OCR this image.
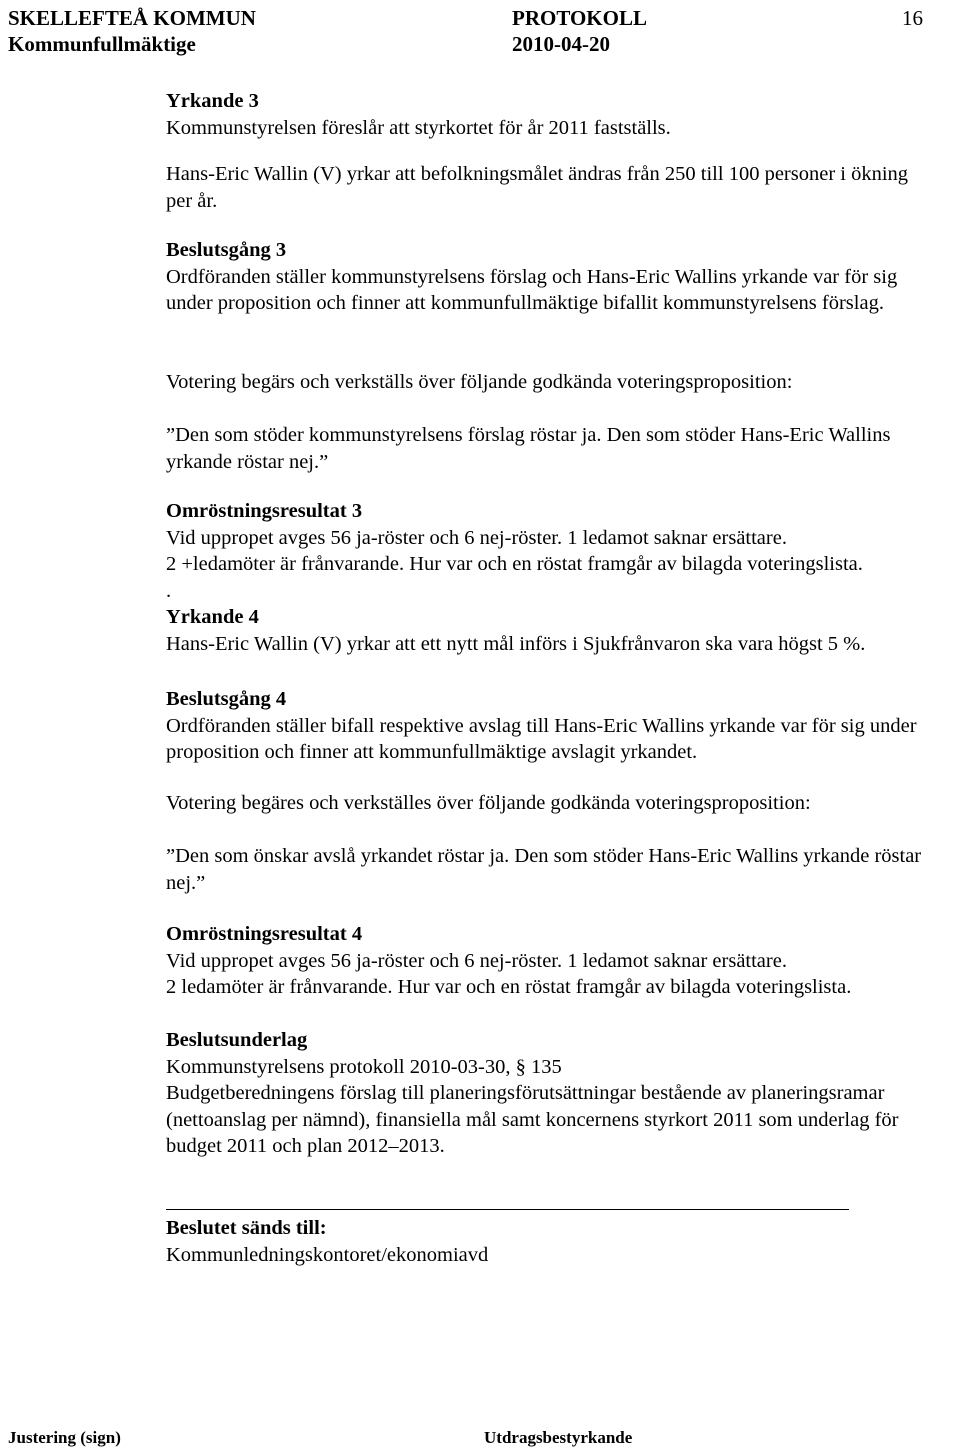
SKELLEFTEÅ KOMMUN	PROTOKOLL	16
Kommunfullmäktige	2010-04-20

Yrkande 3

Kommunstyrelsen föreslår att styrkortet för år 2011 fastställs.

Hans-Eric Wallin (V) yrkar att befolkningsmålet ändras från 250 till 100 personer i ökning per år.

Beslutsgång 3

Ordföranden ställer kommunstyrelsens förslag och Hans-Eric Wallins yrkande var för sig under proposition och finner att kommunfullmäktige bifallit kommunstyrelsens förslag.

Votering begärs och verkställs över följande godkända voteringsproposition:

”Den som stöder kommunstyrelsens förslag röstar ja. Den som stöder Hans-Eric Wallins yrkande röstar nej.”

Omröstningsresultat 3

Vid uppropet avges 56 ja-röster och 6 nej-röster. 1 ledamot saknar ersättare.

2 +ledamöter är frånvarande. Hur var och en röstat framgår av bilagda voteringslista.

.

Yrkande 4

Hans-Eric Wallin (V) yrkar att ett nytt mål införs i Sjukfrånvaron ska vara högst 5 %.

Beslutsgång 4

Ordföranden ställer bifall respektive avslag till Hans-Eric Wallins yrkande var för sig under proposition och finner att kommunfullmäktige avslagit yrkandet.

Votering begäres och verkställes över följande godkända voteringsproposition:

”Den som önskar avslå yrkandet röstar ja. Den som stöder Hans-Eric Wallins yrkande röstar nej.”

Omröstningsresultat 4

Vid uppropet avges 56 ja-röster och 6 nej-röster. 1 ledamot saknar ersättare.

2 ledamöter är frånvarande. Hur var och en röstat framgår av bilagda voteringslista.

Beslutsunderlag

Kommunstyrelsens protokoll 2010-03-30, § 135

Budgetberedningens förslag till planeringsförutsättningar bestående av planeringsramar (nettoanslag per nämnd), finansiella mål samt koncernens styrkort 2011 som underlag för budget 2011 och plan 2012–2013.

Beslutet sänds till:

Kommunledningskontoret/ekonomiavd

Justering (sign)	Utdragsbestyrkande
